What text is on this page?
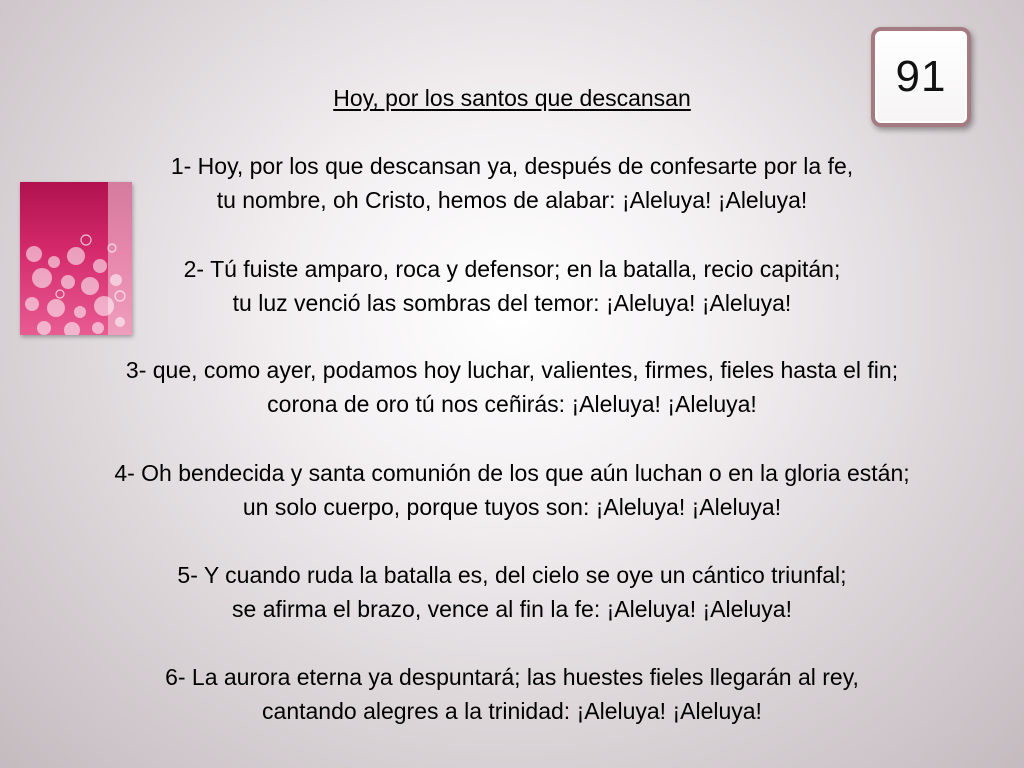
91
Hoy, por los santos que descansan
1- Hoy, por los que descansan ya, después de confesarte por la fe,
tu nombre, oh Cristo, hemos de alabar: ¡Aleluya! ¡Aleluya!
2- Tú fuiste amparo, roca y defensor; en la batalla, recio capitán;
tu luz venció las sombras del temor: ¡Aleluya! ¡Aleluya!
3- que, como ayer, podamos hoy luchar, valientes, firmes, fieles hasta el fin;
corona de oro tú nos ceñirás: ¡Aleluya! ¡Aleluya!
4- Oh bendecida y santa comunión de los que aún luchan o en la gloria están;
un solo cuerpo, porque tuyos son: ¡Aleluya! ¡Aleluya!
5- Y cuando ruda la batalla es, del cielo se oye un cántico triunfal;
se afirma el brazo, vence al fin la fe: ¡Aleluya! ¡Aleluya!
6- La aurora eterna ya despuntará; las huestes fieles llegarán al rey,
cantando alegres a la trinidad: ¡Aleluya! ¡Aleluya!
